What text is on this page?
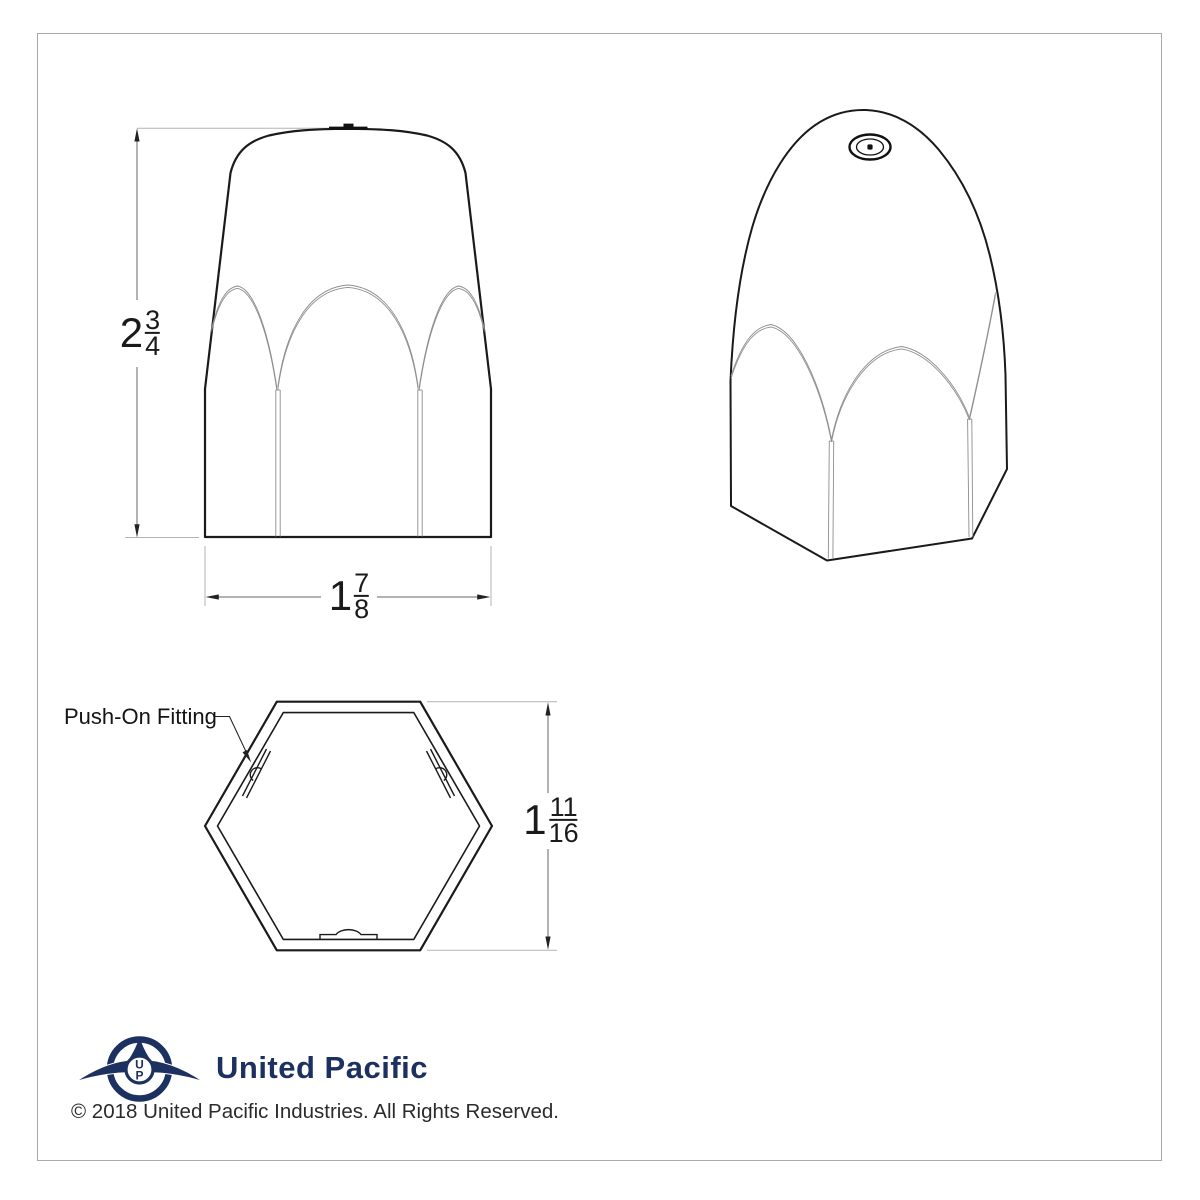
U
P
$2 \frac{3}{4}$
$1 \frac{7}{8}$
$1 \frac{11}{16}$
Push-On Fitting
United Pacific
© 2018 United Pacific Industries. All Rights Reserved.
